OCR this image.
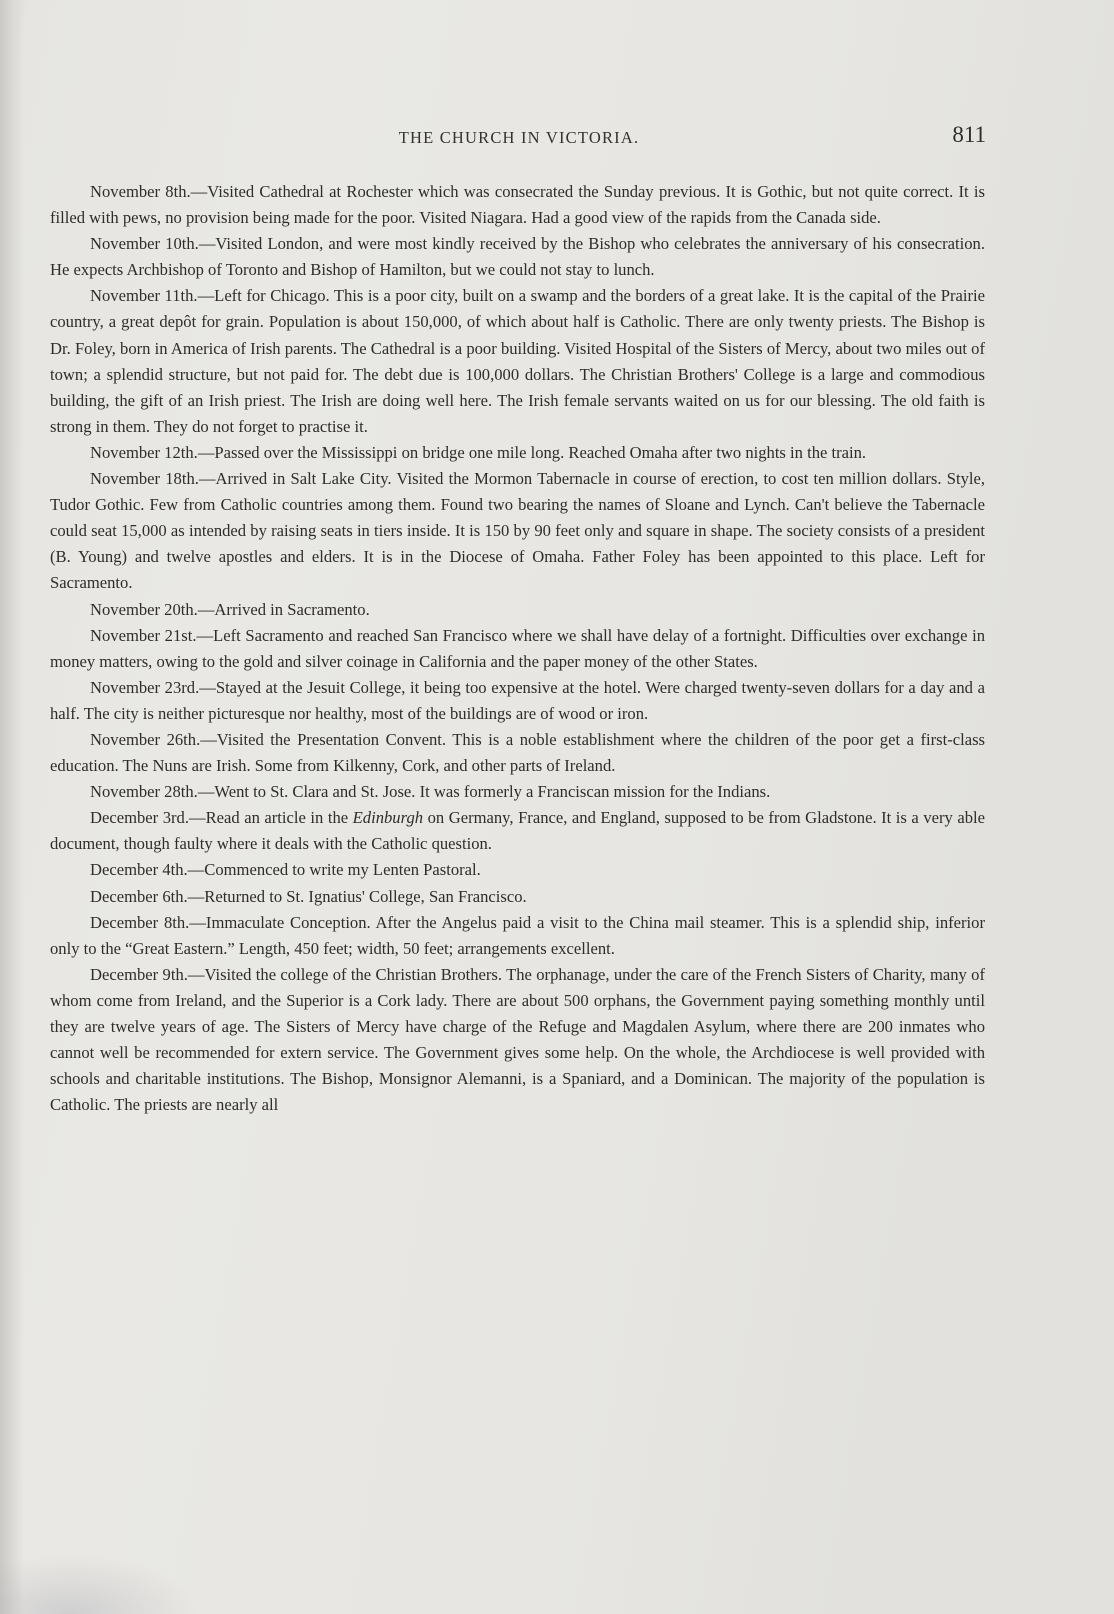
THE CHURCH IN VICTORIA.	811

November 8th.—Visited Cathedral at Rochester which was consecrated the Sunday previous. It is Gothic, but not quite correct. It is filled with pews, no provision being made for the poor. Visited Niagara. Had a good view of the rapids from the Canada side.

November 10th.—Visited London, and were most kindly received by the Bishop who celebrates the anniversary of his consecration. He expects Archbishop of Toronto and Bishop of Hamilton, but we could not stay to lunch.

November 11th.—Left for Chicago. This is a poor city, built on a swamp and the borders of a great lake. It is the capital of the Prairie country, a great depôt for grain. Population is about 150,000, of which about half is Catholic. There are only twenty priests. The Bishop is Dr. Foley, born in America of Irish parents. The Cathedral is a poor building. Visited Hospital of the Sisters of Mercy, about two miles out of town; a splendid structure, but not paid for. The debt due is 100,000 dollars. The Christian Brothers' College is a large and commodious building, the gift of an Irish priest. The Irish are doing well here. The Irish female servants waited on us for our blessing. The old faith is strong in them. They do not forget to practise it.

November 12th.—Passed over the Mississippi on bridge one mile long. Reached Omaha after two nights in the train.

November 18th.—Arrived in Salt Lake City. Visited the Mormon Tabernacle in course of erection, to cost ten million dollars. Style, Tudor Gothic. Few from Catholic countries among them. Found two bearing the names of Sloane and Lynch. Can't believe the Tabernacle could seat 15,000 as intended by raising seats in tiers inside. It is 150 by 90 feet only and square in shape. The society consists of a president (B. Young) and twelve apostles and elders. It is in the Diocese of Omaha. Father Foley has been appointed to this place. Left for Sacramento.

November 20th.—Arrived in Sacramento.

November 21st.—Left Sacramento and reached San Francisco where we shall have delay of a fortnight. Difficulties over exchange in money matters, owing to the gold and silver coinage in California and the paper money of the other States.

November 23rd.—Stayed at the Jesuit College, it being too expensive at the hotel. Were charged twenty-seven dollars for a day and a half. The city is neither picturesque nor healthy, most of the buildings are of wood or iron.

November 26th.—Visited the Presentation Convent. This is a noble establishment where the children of the poor get a first-class education. The Nuns are Irish. Some from Kilkenny, Cork, and other parts of Ireland.

November 28th.—Went to St. Clara and St. Jose. It was formerly a Franciscan mission for the Indians.

December 3rd.—Read an article in the Edinburgh on Germany, France, and England, supposed to be from Gladstone. It is a very able document, though faulty where it deals with the Catholic question.

December 4th.—Commenced to write my Lenten Pastoral.

December 6th.—Returned to St. Ignatius' College, San Francisco.

December 8th.—Immaculate Conception. After the Angelus paid a visit to the China mail steamer. This is a splendid ship, inferior only to the “Great Eastern.” Length, 450 feet; width, 50 feet; arrangements excellent.

December 9th.—Visited the college of the Christian Brothers. The orphanage, under the care of the French Sisters of Charity, many of whom come from Ireland, and the Superior is a Cork lady. There are about 500 orphans, the Government paying something monthly until they are twelve years of age. The Sisters of Mercy have charge of the Refuge and Magdalen Asylum, where there are 200 inmates who cannot well be recommended for extern service. The Government gives some help. On the whole, the Archdiocese is well provided with schools and charitable institutions. The Bishop, Monsignor Alemanni, is a Spaniard, and a Dominican. The majority of the population is Catholic. The priests are nearly all
